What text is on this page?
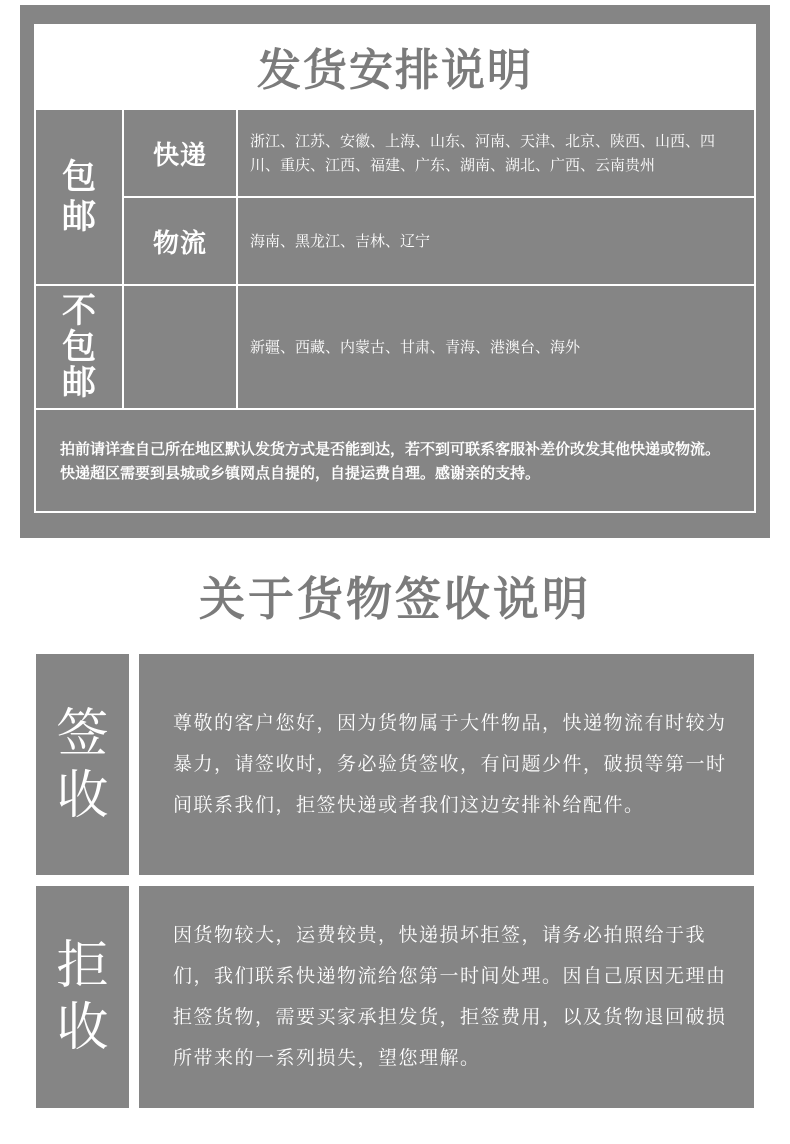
发货安排说明
包
邮
快递	浙江、江苏、安徽、上海、山东、河南、天津、北京、陕西、山西、四川、重庆、江西、福建、广东、湖南、湖北、广西、云南贵州
物流	海南、黑龙江、吉林、辽宁
不
包
邮
新疆、西藏、内蒙古、甘肃、青海、港澳台、海外
拍前请详查自己所在地区默认发货方式是否能到达，若不到可联系客服补差价改发其他快递或物流。快递超区需要到县城或乡镇网点自提的，自提运费自理。感谢亲的支持。
关于货物签收说明
签
收
尊敬的客户您好，因为货物属于大件物品，快递物流有时较为暴力，请签收时，务必验货签收，有问题少件，破损等第一时间联系我们，拒签快递或者我们这边安排补给配件。
拒
收
因货物较大，运费较贵，快递损坏拒签，请务必拍照给于我们，我们联系快递物流给您第一时间处理。因自己原因无理由拒签货物，需要买家承担发货，拒签费用，以及货物退回破损所带来的一系列损失，望您理解。
